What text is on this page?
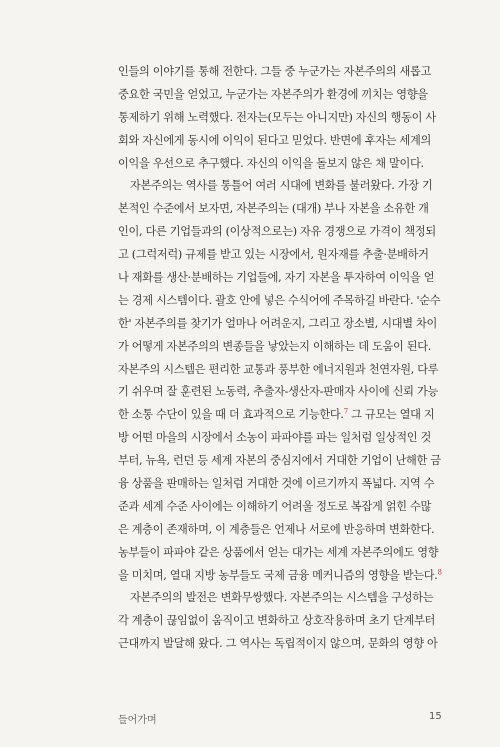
인들의 이야기를 통해 전한다. 그들 중 누군가는 자본주의의 새롭고
중요한 국민을 얻었고, 누군가는 자본주의가 환경에 끼치는 영향을
통제하기 위해 노력했다. 전자는(모두는 아니지만) 자신의 행동이 사
회와 자신에게 동시에 이익이 된다고 믿었다. 반면에 후자는 세계의
이익을 우선으로 추구했다. 자신의 이익을 돌보지 않은 채 말이다.
자본주의는 역사를 통틀어 여러 시대에 변화를 불러왔다. 가장 기
본적인 수준에서 보자면, 자본주의는 (대개) 부나 자본을 소유한 개
인이, 다른 기업들과의 (이상적으로는) 자유 경쟁으로 가격이 책정되
고 (그럭저럭) 규제를 받고 있는 시장에서, 원자재를 추출·분배하거
나 재화를 생산·분배하는 기업들에, 자기 자본을 투자하여 이익을 얻
는 경제 시스템이다. 괄호 안에 넣은 수식어에 주목하길 바란다. '순수
한' 자본주의를 찾기가 얼마나 어려운지, 그리고 장소별, 시대별 차이
가 어떻게 자본주의의 변종들을 낳았는지 이해하는 데 도움이 된다.
자본주의 시스템은 편리한 교통과 풍부한 에너지원과 천연자원, 다루
기 쉬우며 잘 훈련된 노동력, 추출자-생산자-판매자 사이에 신뢰 가능
한 소통 수단이 있을 때 더 효과적으로 기능한다.$^7$ 그 규모는 열대 지
방 어떤 마을의 시장에서 소농이 파파야를 파는 일처럼 일상적인 것
부터, 뉴욕, 런던 등 세계 자본의 중심지에서 거대한 기업이 난해한 금
융 상품을 판매하는 일처럼 거대한 것에 이르기까지 폭넓다. 지역 수
준과 세계 수준 사이에는 이해하기 어려울 정도로 복잡게 얽힌 수많
은 계층이 존재하며, 이 계층들은 언제나 서로에 반응하며 변화한다.
농부들이 파파야 같은 상품에서 얻는 대가는 세계 자본주의에도 영향
을 미치며, 열대 지방 농부들도 국제 금융 메커니즘의 영향을 받는다.$^8$
자본주의의 발전은 변화무쌍했다. 자본주의는 시스템을 구성하는
각 계층이 끊임없이 움직이고 변화하고 상호작용하며 초기 단계부터
근대까지 발달해 왔다. 그 역사는 독립적이지 않으며, 문화의 영향 아
들어가며	15
